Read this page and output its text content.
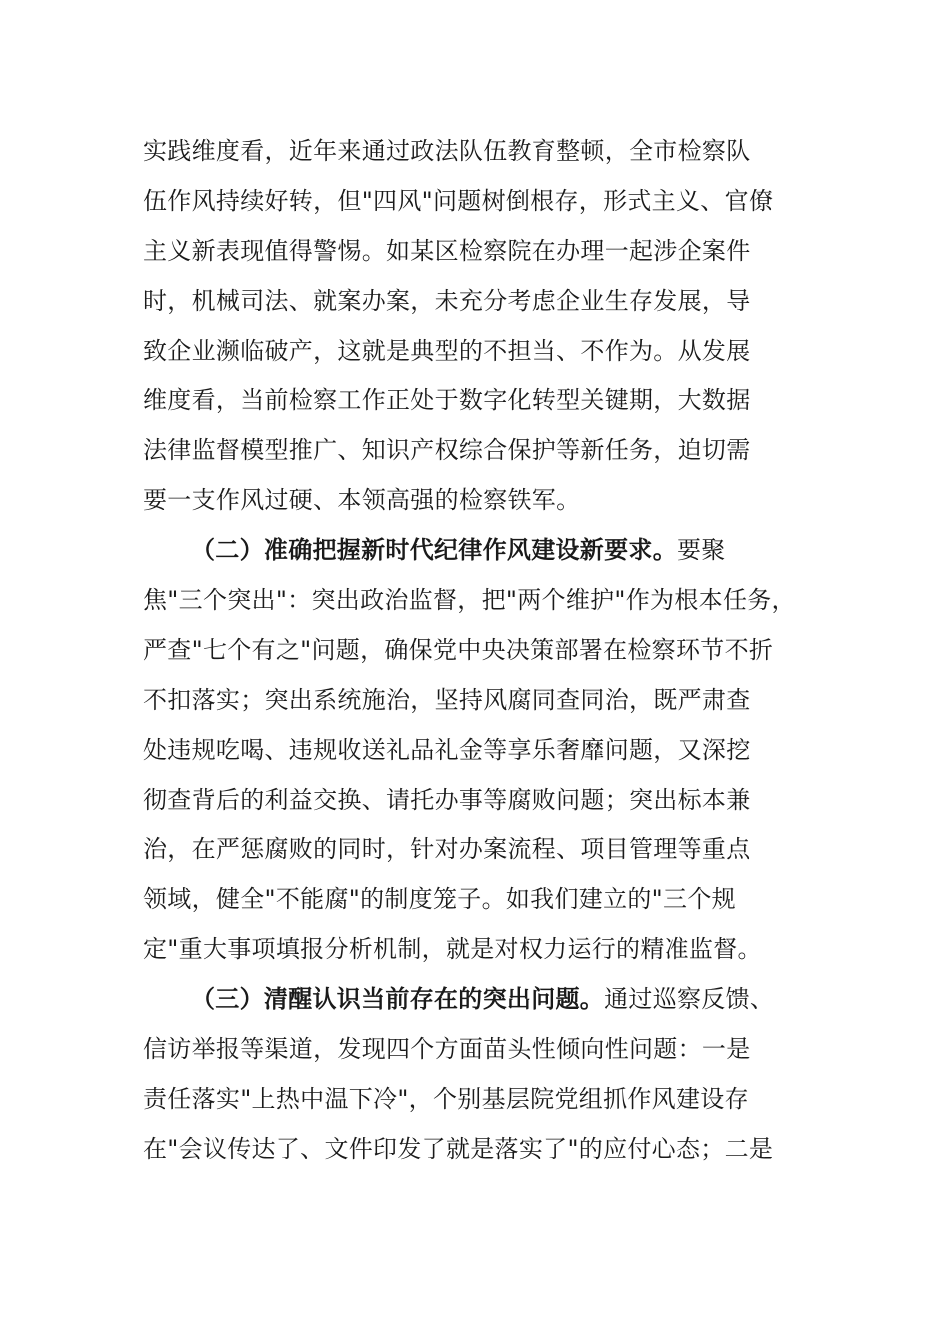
实践维度看，近年来通过政法队伍教育整顿，全市检察队
伍作风持续好转，但"四风"问题树倒根存，形式主义、官僚
主义新表现值得警惕。如某区检察院在办理一起涉企案件
时，机械司法、就案办案，未充分考虑企业生存发展，导
致企业濒临破产，这就是典型的不担当、不作为。从发展
维度看，当前检察工作正处于数字化转型关键期，大数据
法律监督模型推广、知识产权综合保护等新任务，迫切需
要一支作风过硬、本领高强的检察铁军。
（二）准确把握新时代纪律作风建设新要求。要聚
焦"三个突出"：突出政治监督，把"两个维护"作为根本任务，
严查"七个有之"问题，确保党中央决策部署在检察环节不折
不扣落实；突出系统施治，坚持风腐同查同治，既严肃查
处违规吃喝、违规收送礼品礼金等享乐奢靡问题，又深挖
彻查背后的利益交换、请托办事等腐败问题；突出标本兼
治，在严惩腐败的同时，针对办案流程、项目管理等重点
领域，健全"不能腐"的制度笼子。如我们建立的"三个规
定"重大事项填报分析机制，就是对权力运行的精准监督。
（三）清醒认识当前存在的突出问题。通过巡察反馈、
信访举报等渠道，发现四个方面苗头性倾向性问题：一是
责任落实"上热中温下冷"，个别基层院党组抓作风建设存
在"会议传达了、文件印发了就是落实了"的应付心态；二是
